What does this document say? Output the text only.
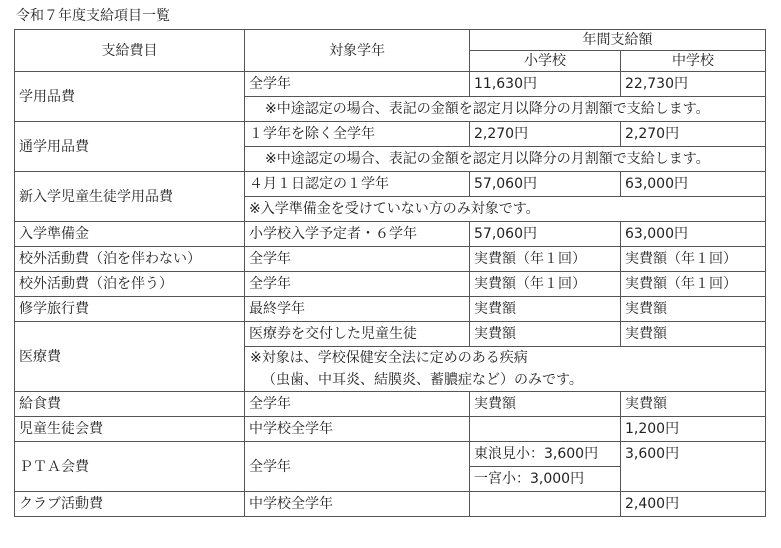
令和７年度支給項目一覧
支給費目	対象学年	年間支給額	
		小学校	中学校
学用品費	全学年	11,630円	22,730円
	※中途認定の場合、表記の金額を認定月以降分の月割額で支給します。		
通学用品費	１学年を除く全学年	2,270円	2,270円
	※中途認定の場合、表記の金額を認定月以降分の月割額で支給します。		
新入学児童生徒学用品費	４月１日認定の１学年	57,060円	63,000円
	※入学準備金を受けていない方のみ対象です。		
入学準備金	小学校入学予定者・６学年	57,060円	63,000円
校外活動費（泊を伴わない）	全学年	実費額（年１回）	実費額（年１回）
校外活動費（泊を伴う）	全学年	実費額（年１回）	実費額（年１回）
修学旅行費	最終学年	実費額	実費額
医療費	医療券を交付した児童生徒	実費額	実費額

	※対象は、学校保健安全法に定めのある疾病
（虫歯、中耳炎、結膜炎、蓄膿症など）のみです。		

給食費	全学年	実費額	実費額
児童生徒会費	中学校全学年		1,200円
ＰＴＡ会費	全学年	東浪見小：3,600円	3,600円
		一宮小：3,000円	
クラブ活動費	中学校全学年		2,400円
